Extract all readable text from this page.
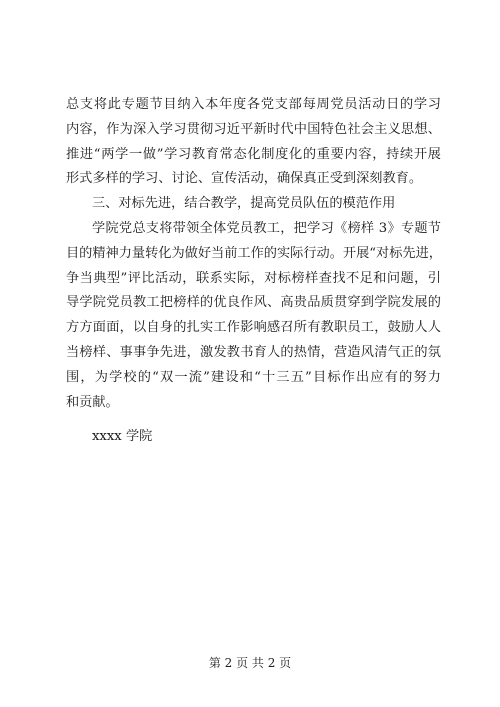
总支将此专题节目纳入本年度各党支部每周党员活动日的学习
内容，作为深入学习贯彻习近平新时代中国特色社会主义思想、
推进“两学一做”学习教育常态化制度化的重要内容，持续开展
形式多样的学习、讨论、宣传活动，确保真正受到深刻教育。
三、对标先进，结合教学，提高党员队伍的模范作用
学院党总支将带领全体党员教工，把学习《榜样 3》专题节
目的精神力量转化为做好当前工作的实际行动。开展“对标先进，
争当典型”评比活动，联系实际，对标榜样查找不足和问题，引
导学院党员教工把榜样的优良作风、高贵品质贯穿到学院发展的
方方面面，以自身的扎实工作影响感召所有教职员工，鼓励人人
当榜样、事事争先进，激发教书育人的热情，营造风清气正的氛
围，为学校的“双一流”建设和“十三五”目标作出应有的努力
和贡献。
xxxx 学院
第 2 页 共 2 页
